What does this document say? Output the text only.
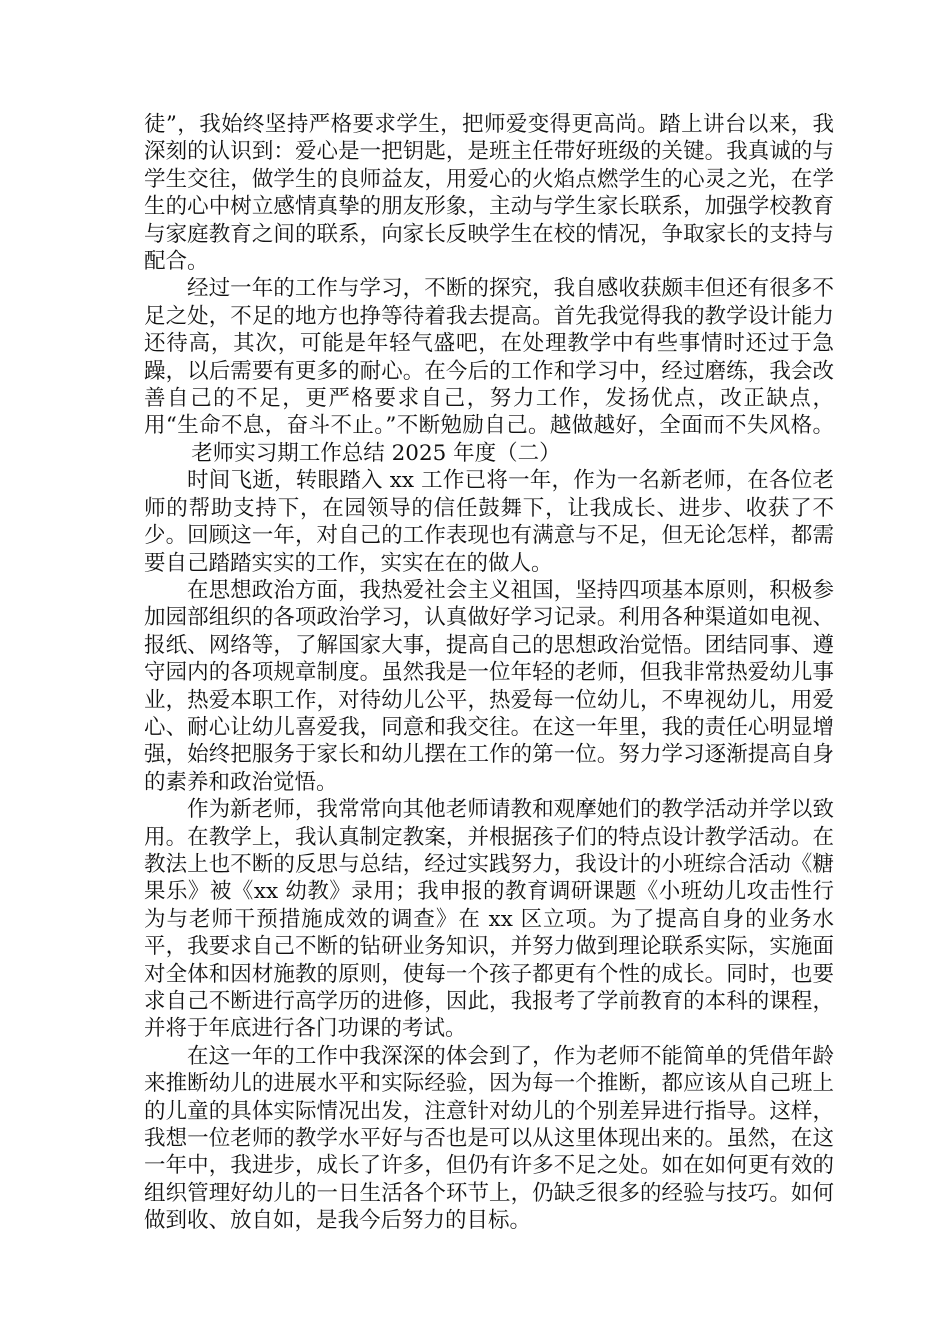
徒”，我始终坚持严格要求学生，把师爱变得更高尚。踏上讲台以来，我深刻的认识到：爱心是一把钥匙，是班主任带好班级的关键。我真诚的与学生交往，做学生的良师益友，用爱心的火焰点燃学生的心灵之光，在学生的心中树立感情真挚的朋友形象，主动与学生家长联系，加强学校教育与家庭教育之间的联系，向家长反映学生在校的情况，争取家长的支持与配合。

经过一年的工作与学习，不断的探究，我自感收获颇丰但还有很多不足之处，不足的地方也挣等待着我去提高。首先我觉得我的教学设计能力还待高，其次，可能是年轻气盛吧，在处理教学中有些事情时还过于急躁，以后需要有更多的耐心。在今后的工作和学习中，经过磨练，我会改善自己的不足，更严格要求自己，努力工作，发扬优点，改正缺点，用“生命不息，奋斗不止。”不断勉励自己。越做越好，全面而不失风格。老师实习期工作总结 2025 年度（二）

时间飞逝，转眼踏入 xx 工作已将一年，作为一名新老师，在各位老师的帮助支持下，在园领导的信任鼓舞下，让我成长、进步、收获了不少。回顾这一年，对自己的工作表现也有满意与不足，但无论怎样，都需要自己踏踏实实的工作，实实在在的做人。

在思想政治方面，我热爱社会主义祖国，坚持四项基本原则，积极参加园部组织的各项政治学习，认真做好学习记录。利用各种渠道如电视、报纸、网络等，了解国家大事，提高自己的思想政治觉悟。团结同事、遵守园内的各项规章制度。虽然我是一位年轻的老师，但我非常热爱幼儿事业，热爱本职工作，对待幼儿公平，热爱每一位幼儿，不卑视幼儿，用爱心、耐心让幼儿喜爱我，同意和我交往。在这一年里，我的责任心明显增强，始终把服务于家长和幼儿摆在工作的第一位。努力学习逐渐提高自身的素养和政治觉悟。

作为新老师，我常常向其他老师请教和观摩她们的教学活动并学以致用。在教学上，我认真制定教案，并根据孩子们的特点设计教学活动。在教法上也不断的反思与总结，经过实践努力，我设计的小班综合活动《糖果乐》被《xx 幼教》录用；我申报的教育调研课题《小班幼儿攻击性行为与老师干预措施成效的调查》在 xx 区立项。为了提高自身的业务水平，我要求自己不断的钻研业务知识，并努力做到理论联系实际，实施面对全体和因材施教的原则，使每一个孩子都更有个性的成长。同时，也要求自己不断进行高学历的进修，因此，我报考了学前教育的本科的课程，并将于年底进行各门功课的考试。

在这一年的工作中我深深的体会到了，作为老师不能简单的凭借年龄来推断幼儿的进展水平和实际经验，因为每一个推断，都应该从自己班上的儿童的具体实际情况出发，注意针对幼儿的个别差异进行指导。这样，我想一位老师的教学水平好与否也是可以从这里体现出来的。虽然，在这一年中，我进步，成长了许多，但仍有许多不足之处。如在如何更有效的组织管理好幼儿的一日生活各个环节上，仍缺乏很多的经验与技巧。如何做到收、放自如，是我今后努力的目标。
